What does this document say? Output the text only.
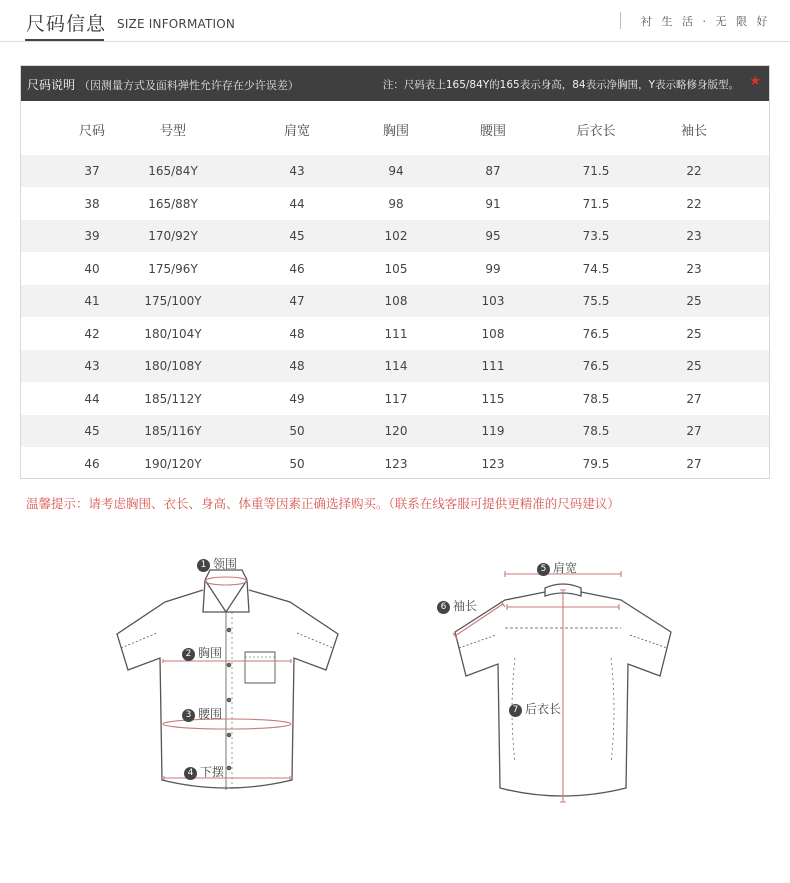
尺码信息 SIZE INFORMATION	衬 生 活 · 无 限 好
尺码说明 （因测量方式及面料弹性允许存在少许误差）	注：尺码表上165/84Y的165表示身高，84表示净胸围，Y表示略修身版型。 ★
尺码	号型	肩宽	胸围	腰围	后衣长	袖长
37	165/84Y	43	94	87	71.5	22
38	165/88Y	44	98	91	71.5	22
39	170/92Y	45	102	95	73.5	23
40	175/96Y	46	105	99	74.5	23
41	175/100Y	47	108	103	75.5	25
42	180/104Y	48	111	108	76.5	25
43	180/108Y	48	114	111	76.5	25
44	185/112Y	49	117	115	78.5	27
45	185/116Y	50	120	119	78.5	27
46	190/120Y	50	123	123	79.5	27
温馨提示：请考虑胸围、衣长、身高、体重等因素正确选择购买。（联系在线客服可提供更精准的尺码建议）
1 领围
2 胸围
3 腰围
4 下摆
5 肩宽
6 袖长
7 后衣长
